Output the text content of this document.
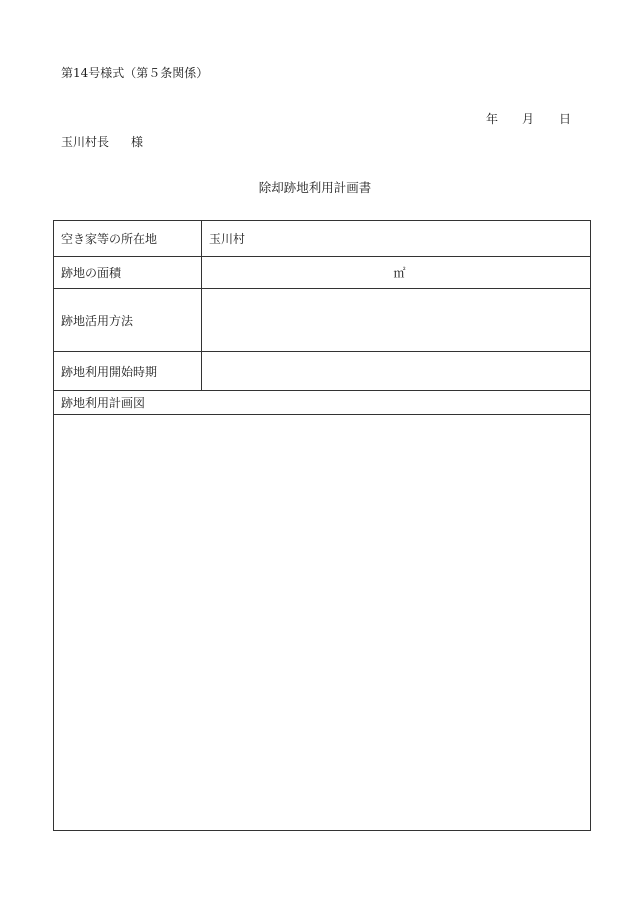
第14号様式（第５条関係）
年 月 日
玉川村長 様
除却跡地利用計画書
空き家等の所在地	玉川村
跡地の面積	㎡
跡地活用方法	
跡地利用開始時期	
跡地利用計画図	
